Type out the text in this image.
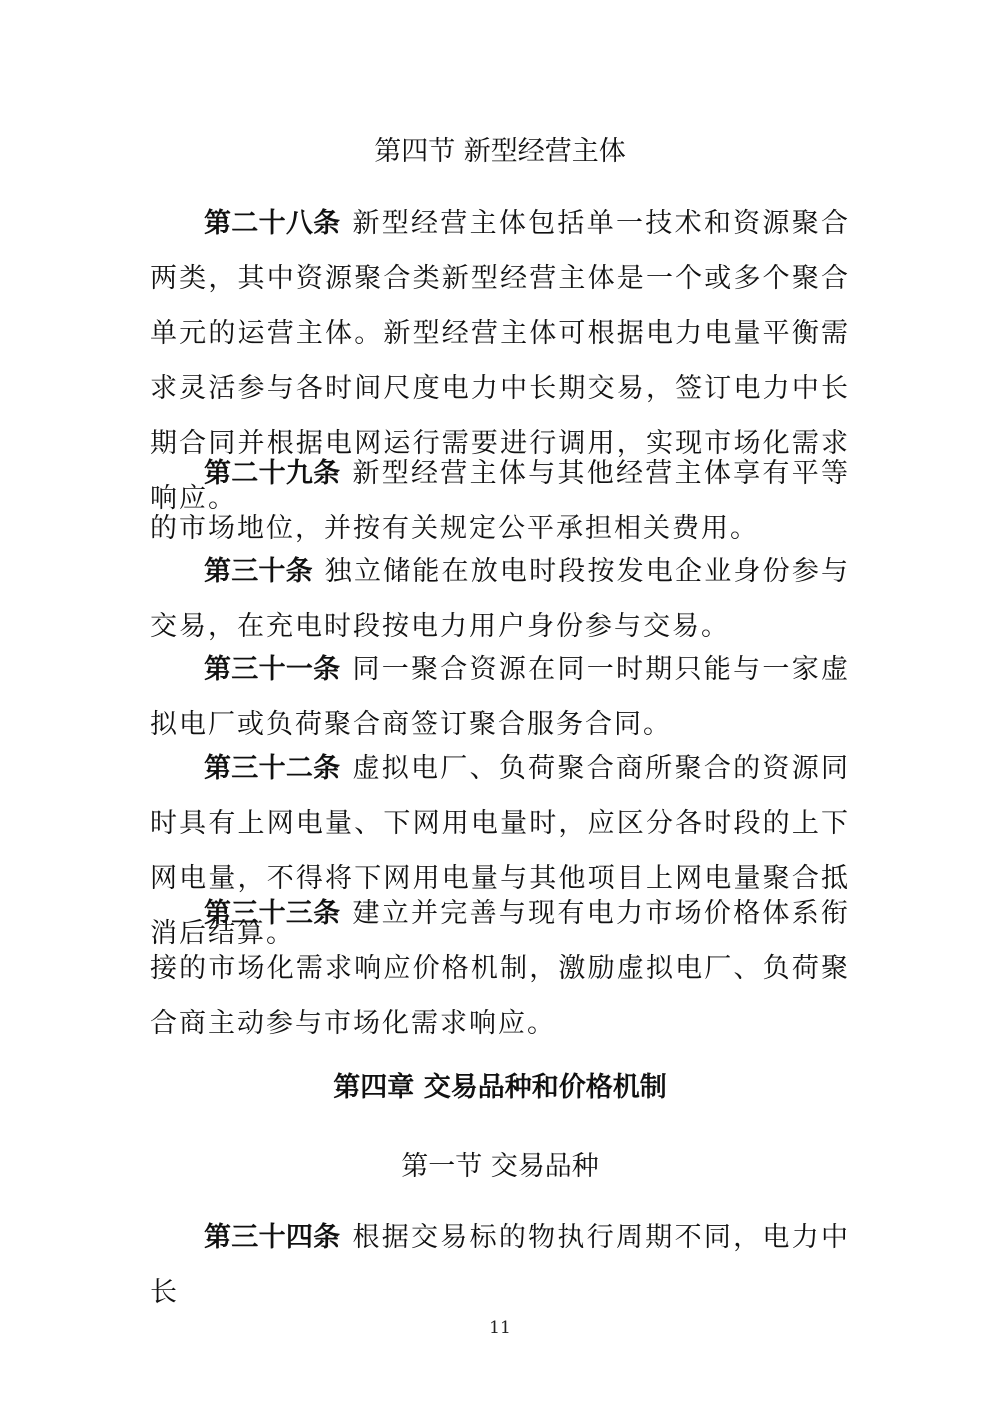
第四节 新型经营主体

第二十八条 新型经营主体包括单一技术和资源聚合两类，其中资源聚合类新型经营主体是一个或多个聚合单元的运营主体。新型经营主体可根据电力电量平衡需求灵活参与各时间尺度电力中长期交易，签订电力中长期合同并根据电网运行需要进行调用，实现市场化需求响应。

第二十九条 新型经营主体与其他经营主体享有平等的市场地位，并按有关规定公平承担相关费用。

第三十条 独立储能在放电时段按发电企业身份参与交易，在充电时段按电力用户身份参与交易。

第三十一条 同一聚合资源在同一时期只能与一家虚拟电厂或负荷聚合商签订聚合服务合同。

第三十二条 虚拟电厂、负荷聚合商所聚合的资源同时具有上网电量、下网用电量时，应区分各时段的上下网电量，不得将下网用电量与其他项目上网电量聚合抵消后结算。

第三十三条 建立并完善与现有电力市场价格体系衔接的市场化需求响应价格机制，激励虚拟电厂、负荷聚合商主动参与市场化需求响应。

第四章 交易品种和价格机制
第一节 交易品种

第三十四条 根据交易标的物执行周期不同，电力中长

11
